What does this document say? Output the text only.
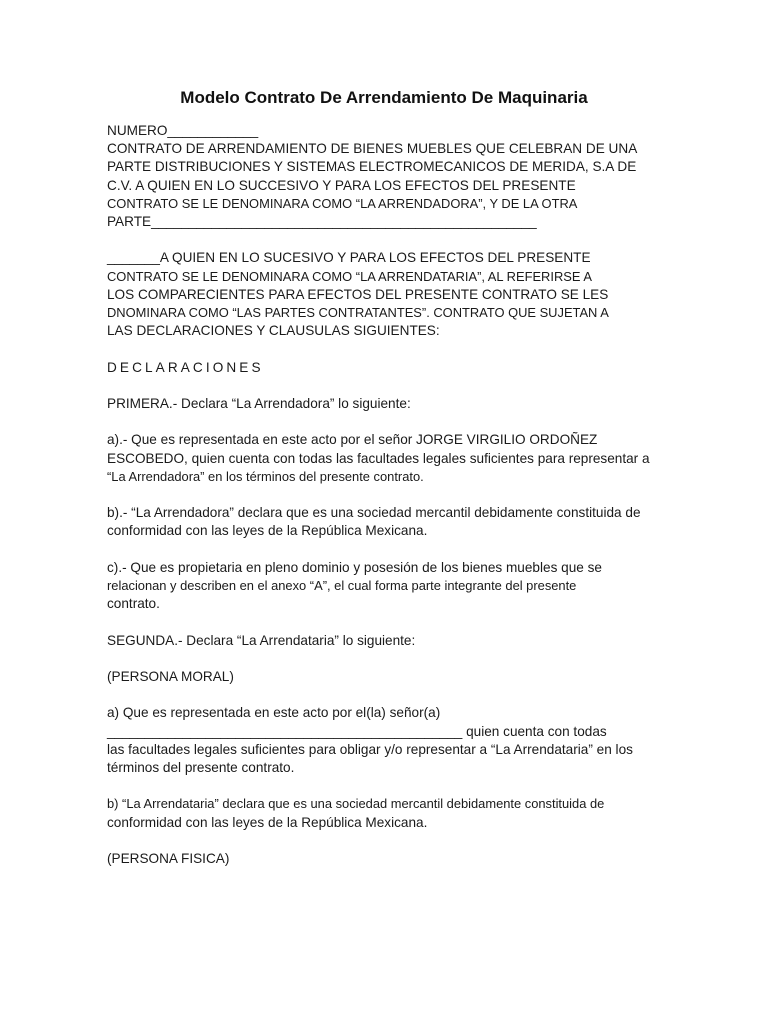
Modelo Contrato De Arrendamiento De Maquinaria

NUMERO____________

CONTRATO DE ARRENDAMIENTO DE BIENES MUEBLES QUE CELEBRAN DE UNA

PARTE DISTRIBUCIONES Y SISTEMAS ELECTROMECANICOS DE MERIDA, S.A DE

C.V. A QUIEN EN LO SUCCESIVO Y PARA LOS EFECTOS DEL PRESENTE

CONTRATO SE LE DENOMINARA COMO “LA ARRENDADORA”, Y DE LA OTRA

PARTE___________________________________________________

_______A QUIEN EN LO SUCESIVO Y PARA LOS EFECTOS DEL PRESENTE

CONTRATO SE LE DENOMINARA COMO “LA ARRENDATARIA”, AL REFERIRSE A

LOS COMPARECIENTES PARA EFECTOS DEL PRESENTE CONTRATO SE LES

DNOMINARA COMO “LAS PARTES CONTRATANTES”. CONTRATO QUE SUJETAN A

LAS DECLARACIONES Y CLAUSULAS SIGUIENTES:

DECLARACIONES

PRIMERA.- Declara “La Arrendadora” lo siguiente:

a).- Que es representada en este acto por el señor JORGE VIRGILIO ORDOÑEZ

ESCOBEDO, quien cuenta con todas las facultades legales suficientes para representar a

“La Arrendadora” en los términos del presente contrato.

b).- “La Arrendadora” declara que es una sociedad mercantil debidamente constituida de

conformidad con las leyes de la República Mexicana.

c).- Que es propietaria en pleno dominio y posesión de los bienes muebles que se

relacionan y describen en el anexo “A”, el cual forma parte integrante del presente

contrato.

SEGUNDA.- Declara “La Arrendataria” lo siguiente:

(PERSONA MORAL)

a) Que es representada en este acto por el(la) señor(a)

_______________________________________________ quien cuenta con todas

las facultades legales suficientes para obligar y/o representar a “La Arrendataria” en los

términos del presente contrato.

b) “La Arrendataria” declara que es una sociedad mercantil debidamente constituida de

conformidad con las leyes de la República Mexicana.

(PERSONA FISICA)
